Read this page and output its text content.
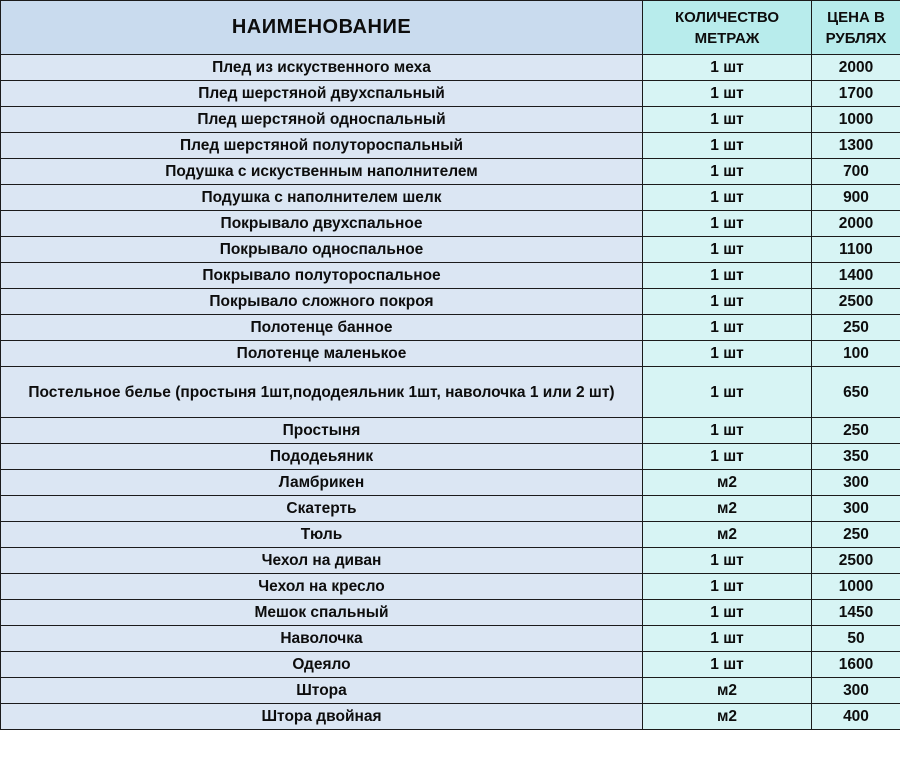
НАИМЕНОВАНИЕ	КОЛИЧЕСТВО МЕТРАЖ	ЦЕНА В РУБЛЯХ
Плед из искуственного меха	1 шт	2000
Плед шерстяной двухспальный	1 шт	1700
Плед шерстяной односпальный	1 шт	1000
Плед шерстяной полутороспальный	1 шт	1300
Подушка с искуственным наполнителем	1 шт	700
Подушка с наполнителем шелк	1 шт	900
Покрывало двухспальное	1 шт	2000
Покрывало односпальное	1 шт	1100
Покрывало полутороспальное	1 шт	1400
Покрывало сложного покроя	1 шт	2500
Полотенце банное	1 шт	250
Полотенце маленькое	1 шт	100
Постельное белье (простыня 1шт,пододеяльник 1шт, наволочка 1 или 2 шт)	1 шт	650
Простыня	1 шт	250
Пододеьяник	1 шт	350
Ламбрикен	м2	300
Скатерть	м2	300
Тюль	м2	250
Чехол на диван	1 шт	2500
Чехол на кресло	1 шт	1000
Мешок спальный	1 шт	1450
Наволочка	1 шт	50
Одеяло	1 шт	1600
Штора	м2	300
Штора двойная	м2	400
